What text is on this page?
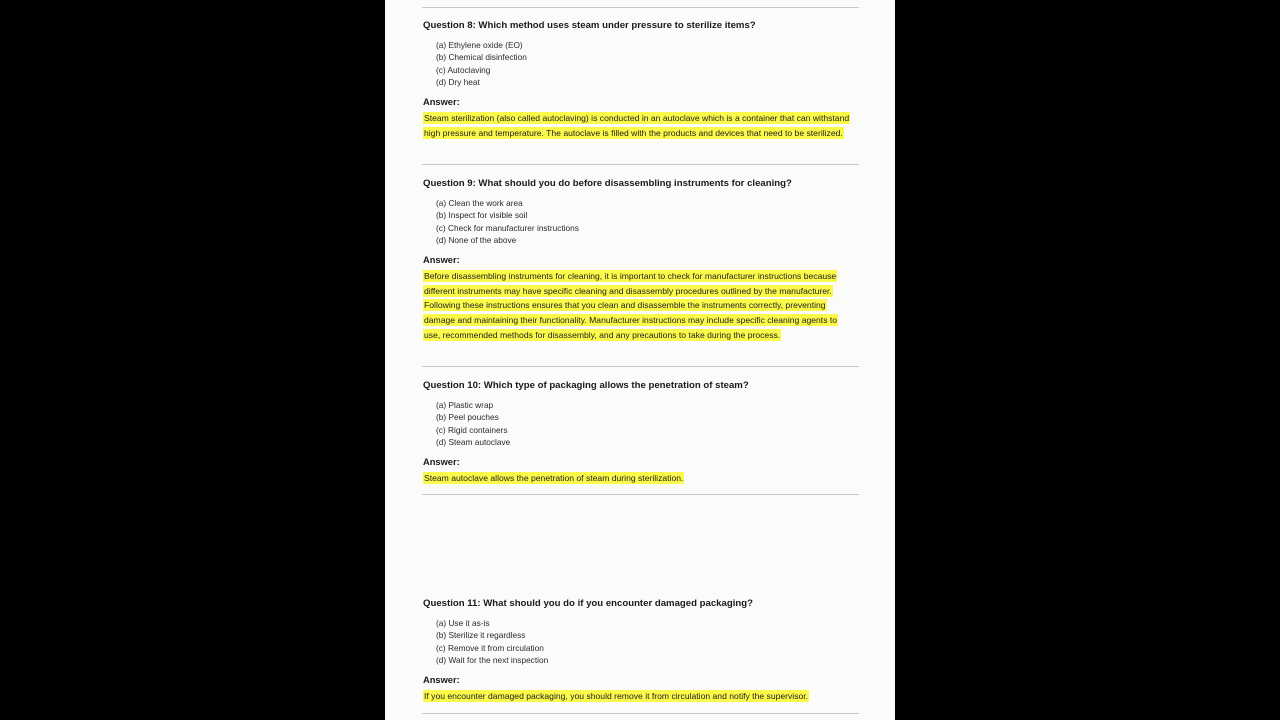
Question 8: Which method uses steam under pressure to sterilize items?
(a) Ethylene oxide (EO)
(b) Chemical disinfection
(c) Autoclaving
(d) Dry heat
Answer:
Steam sterilization (also called autoclaving) is conducted in an autoclave which is a container that can withstand high pressure and temperature. The autoclave is filled with the products and devices that need to be sterilized.
Question 9: What should you do before disassembling instruments for cleaning?
(a) Clean the work area
(b) Inspect for visible soil
(c) Check for manufacturer instructions
(d) None of the above
Answer:
Before disassembling instruments for cleaning, it is important to check for manufacturer instructions because different instruments may have specific cleaning and disassembly procedures outlined by the manufacturer. Following these instructions ensures that you clean and disassemble the instruments correctly, preventing damage and maintaining their functionality. Manufacturer instructions may include specific cleaning agents to use, recommended methods for disassembly, and any precautions to take during the process.
Question 10: Which type of packaging allows the penetration of steam?
(a) Plastic wrap
(b) Peel pouches
(c) Rigid containers
(d) Steam autoclave
Answer:
Steam autoclave allows the penetration of steam during sterilization.
Question 11: What should you do if you encounter damaged packaging?
(a) Use it as-is
(b) Sterilize it regardless
(c) Remove it from circulation
(d) Wait for the next inspection
Answer:
If you encounter damaged packaging, you should remove it from circulation and notify the supervisor.
